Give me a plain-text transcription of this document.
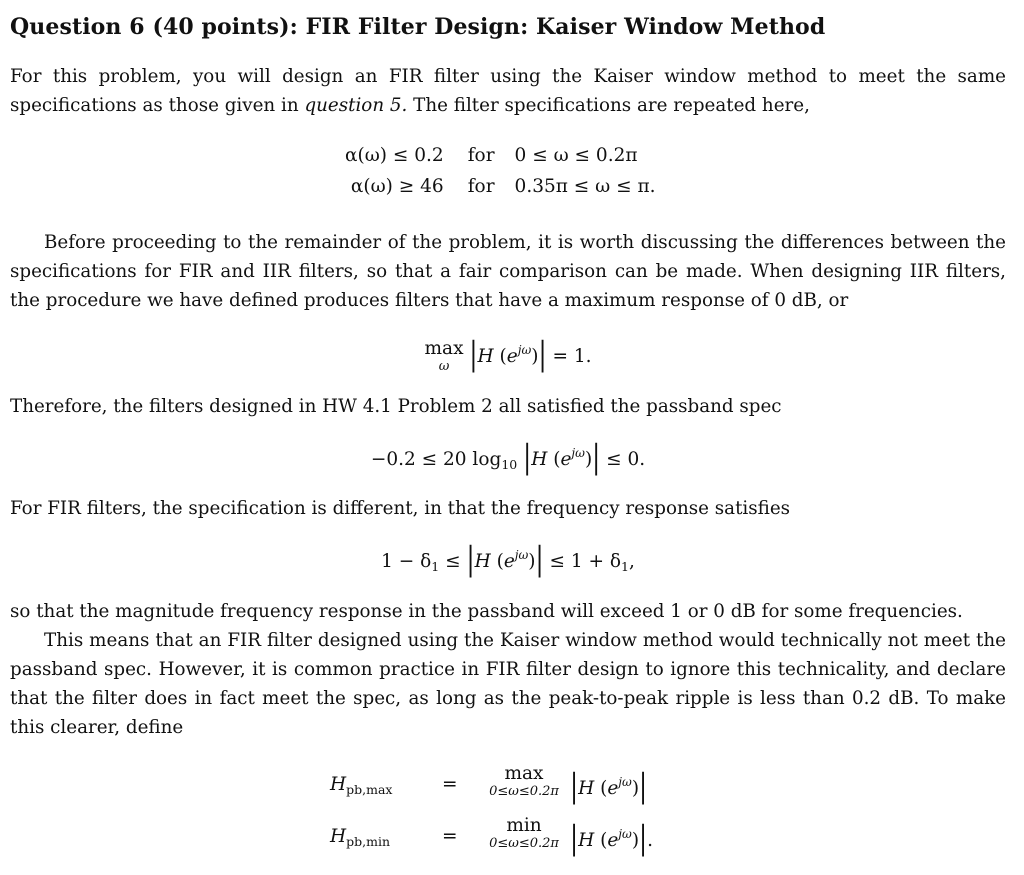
Question 6 (40 points): FIR Filter Design: Kaiser Window Method
For this problem, you will design an FIR filter using the Kaiser window method to meet the same specifications as those given in question 5. The filter specifications are repeated here,
α(ω) ≤ 0.2	for	0 ≤ ω ≤ 0.2π
α(ω) ≥ 46	for	0.35π ≤ ω ≤ π.
Before proceeding to the remainder of the problem, it is worth discussing the differences between the specifications for FIR and IIR filters, so that a fair comparison can be made. When designing IIR filters, the procedure we have defined produces filters that have a maximum response of 0 dB, or
max
ω |H $(e^{j\omega})| = 1$.
Therefore, the filters designed in HW 4.1 Problem 2 all satisfied the passband spec
−0.2 ≤ 20 $\log_{10} |H$ $(e^{j\omega})| \le 0$.
For FIR filters, the specification is different, in that the frequency response satisfies
$1 - \delta_1 \le |H$ $(e^{j\omega})| \le 1 + \delta_1$,
so that the magnitude frequency response in the passband will exceed 1 or 0 dB for some frequencies.
This means that an FIR filter designed using the Kaiser window method would technically not meet the passband spec. However, it is common practice in FIR filter design to ignore this technicality, and declare that the filter does in fact meet the spec, as long as the peak-to-peak ripple is less than 0.2 dB. To make this clearer, define
$H_{pb,max}$	=
max
0≤ω≤0.2π |H $(e^{j\omega})|$
$H_{pb,min}$	=
min
0≤ω≤0.2π |H $(e^{j\omega})|$.
